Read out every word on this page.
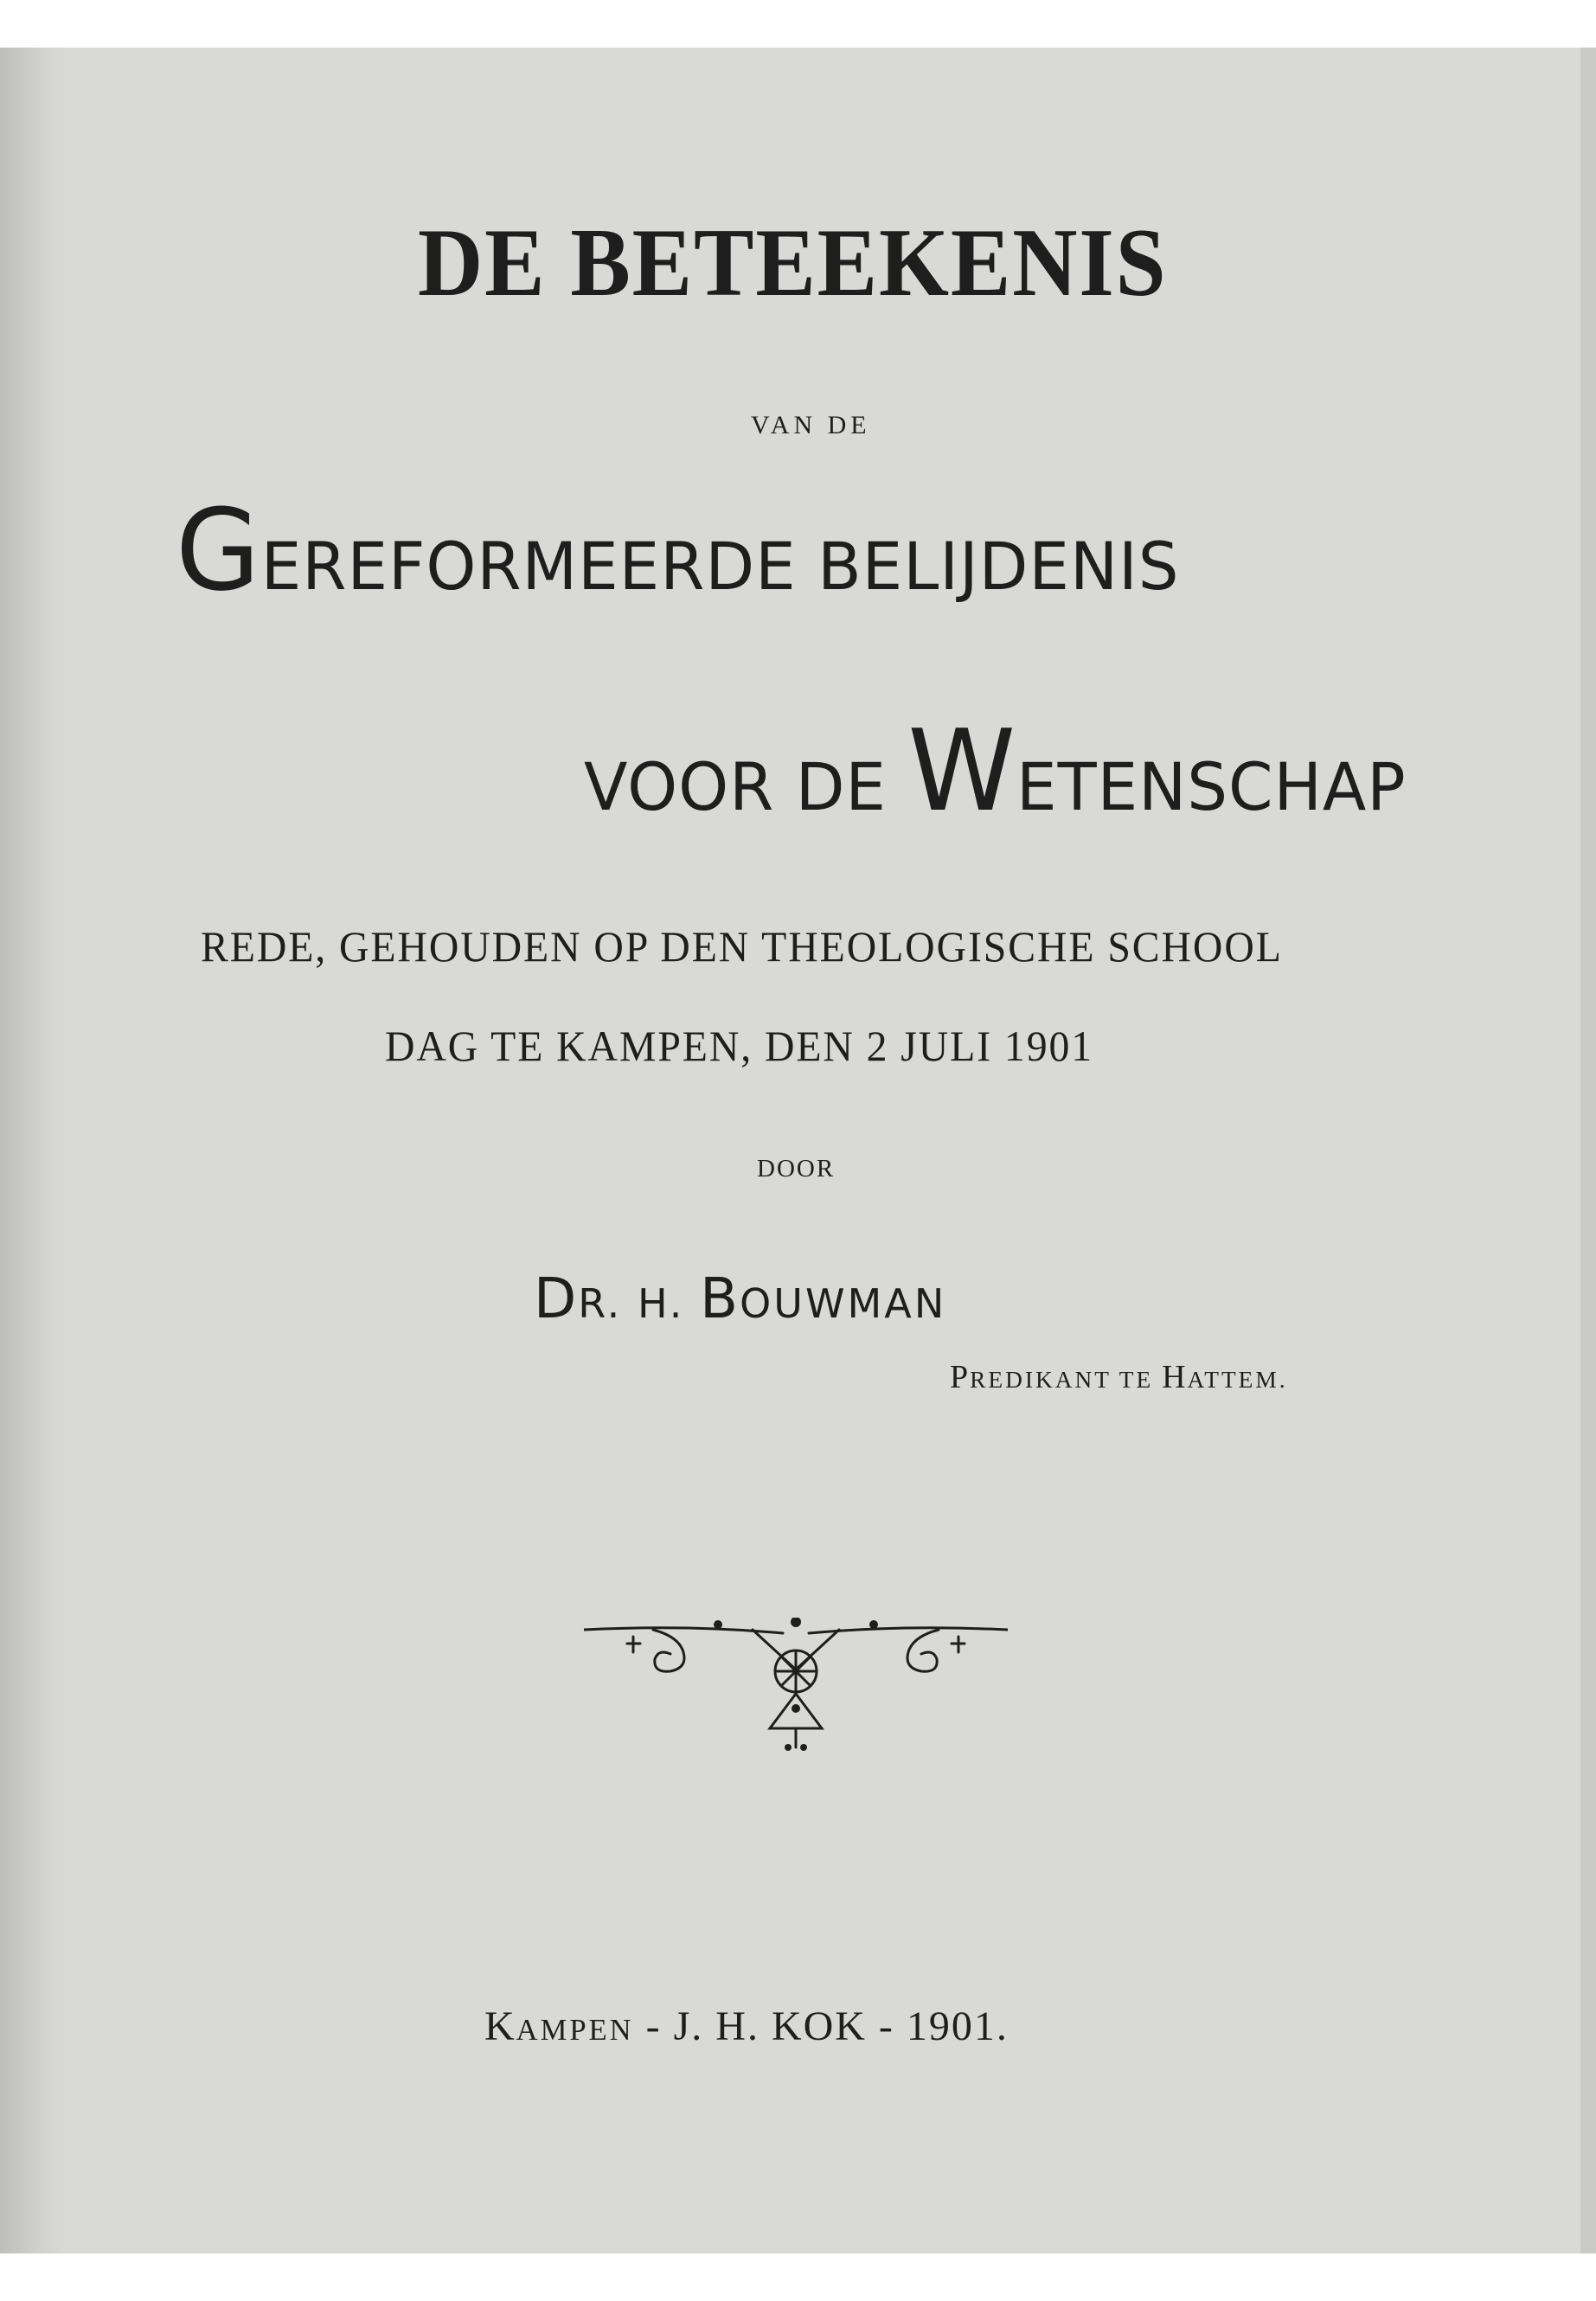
DE BETEEKENIS
VAN DE
GEREFORMEERDE BELIJDENIS
VOOR DE WETENSCHAP
REDE, GEHOUDEN OP DEN THEOLOGISCHE SCHOOL
DAG TE KAMPEN, DEN 2 JULI 1901
DOOR
DR. H. BOUWMAN
PREDIKANT TE HATTEM.
KAMPEN - J. H. KOK - 1901.
